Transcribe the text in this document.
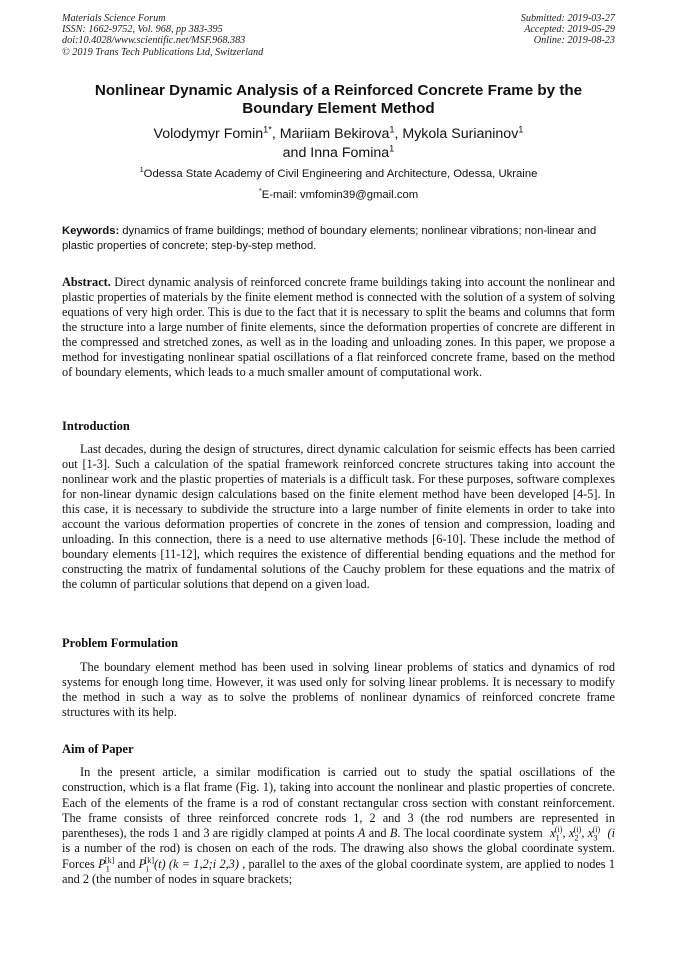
Materials Science Forum
ISSN: 1662-9752, Vol. 968, pp 383-395
doi:10.4028/www.scientific.net/MSF.968.383
© 2019 Trans Tech Publications Ltd, Switzerland
Submitted: 2019-03-27
Accepted: 2019-05-29
Online: 2019-08-23
Nonlinear Dynamic Analysis of a Reinforced Concrete Frame by the Boundary Element Method
Volodymyr Fomin$^{1*}$, Mariiam Bekirova$^1$, Mykola Surianinov$^1$
and Inna Fomina$^1$
$^1$Odessa State Academy of Civil Engineering and Architecture, Odessa, Ukraine
*E-mail: vmfomin39@gmail.com
Keywords: dynamics of frame buildings; method of boundary elements; nonlinear vibrations; non-linear and plastic properties of concrete; step-by-step method.
Abstract. Direct dynamic analysis of reinforced concrete frame buildings taking into account the nonlinear and plastic properties of materials by the finite element method is connected with the solution of a system of solving equations of very high order. This is due to the fact that it is necessary to split the beams and columns that form the structure into a large number of finite elements, since the deformation properties of concrete are different in the compressed and stretched zones, as well as in the loading and unloading zones. In this paper, we propose a method for investigating nonlinear spatial oscillations of a flat reinforced concrete frame, based on the method of boundary elements, which leads to a much smaller amount of computational work.
Introduction
Last decades, during the design of structures, direct dynamic calculation for seismic effects has been carried out [1-3]. Such a calculation of the spatial framework reinforced concrete structures taking into account the nonlinear work and the plastic properties of materials is a difficult task. For these purposes, software complexes for non-linear dynamic design calculations based on the finite element method have been developed [4-5]. In this case, it is necessary to subdivide the structure into a large number of finite elements in order to take into account the various deformation properties of concrete in the zones of tension and compression, loading and unloading. In this connection, there is a need to use alternative methods [6-10]. These include the method of boundary elements [11-12], which requires the existence of differential bending equations and the method for constructing the matrix of fundamental solutions of the Cauchy problem for these equations and the matrix of the column of particular solutions that depend on a given load.
Problem Formulation
The boundary element method has been used in solving linear problems of statics and dynamics of rod systems for enough long time. However, it was used only for solving linear problems. It is necessary to modify the method in such a way as to solve the problems of nonlinear dynamics of reinforced concrete frame structures with its help.
Aim of Paper
In the present article, a similar modification is carried out to study the spatial oscillations of the construction, which is a flat frame (Fig. 1), taking into account the nonlinear and plastic properties of concrete. Each of the elements of the frame is a rod of constant rectangular cross section with constant reinforcement. The frame consists of three reinforced concrete rods 1, 2 and 3 (the rod numbers are represented in parentheses), the rods 1 and 3 are rigidly clamped at points A and B. The local coordinate system $x_1^{(i)}$, $x_2^{(i)}$, $x_3^{(i)}$ (i is a number of the rod) is chosen on each of the rods. The drawing also shows the global coordinate system. Forces $P_1[k]$ and $P_i[k](t) (k$ = 1,2;i 2,3) , parallel to the axes of the global coordinate system, are applied to nodes 1 and 2 (the number of nodes in square brackets;
